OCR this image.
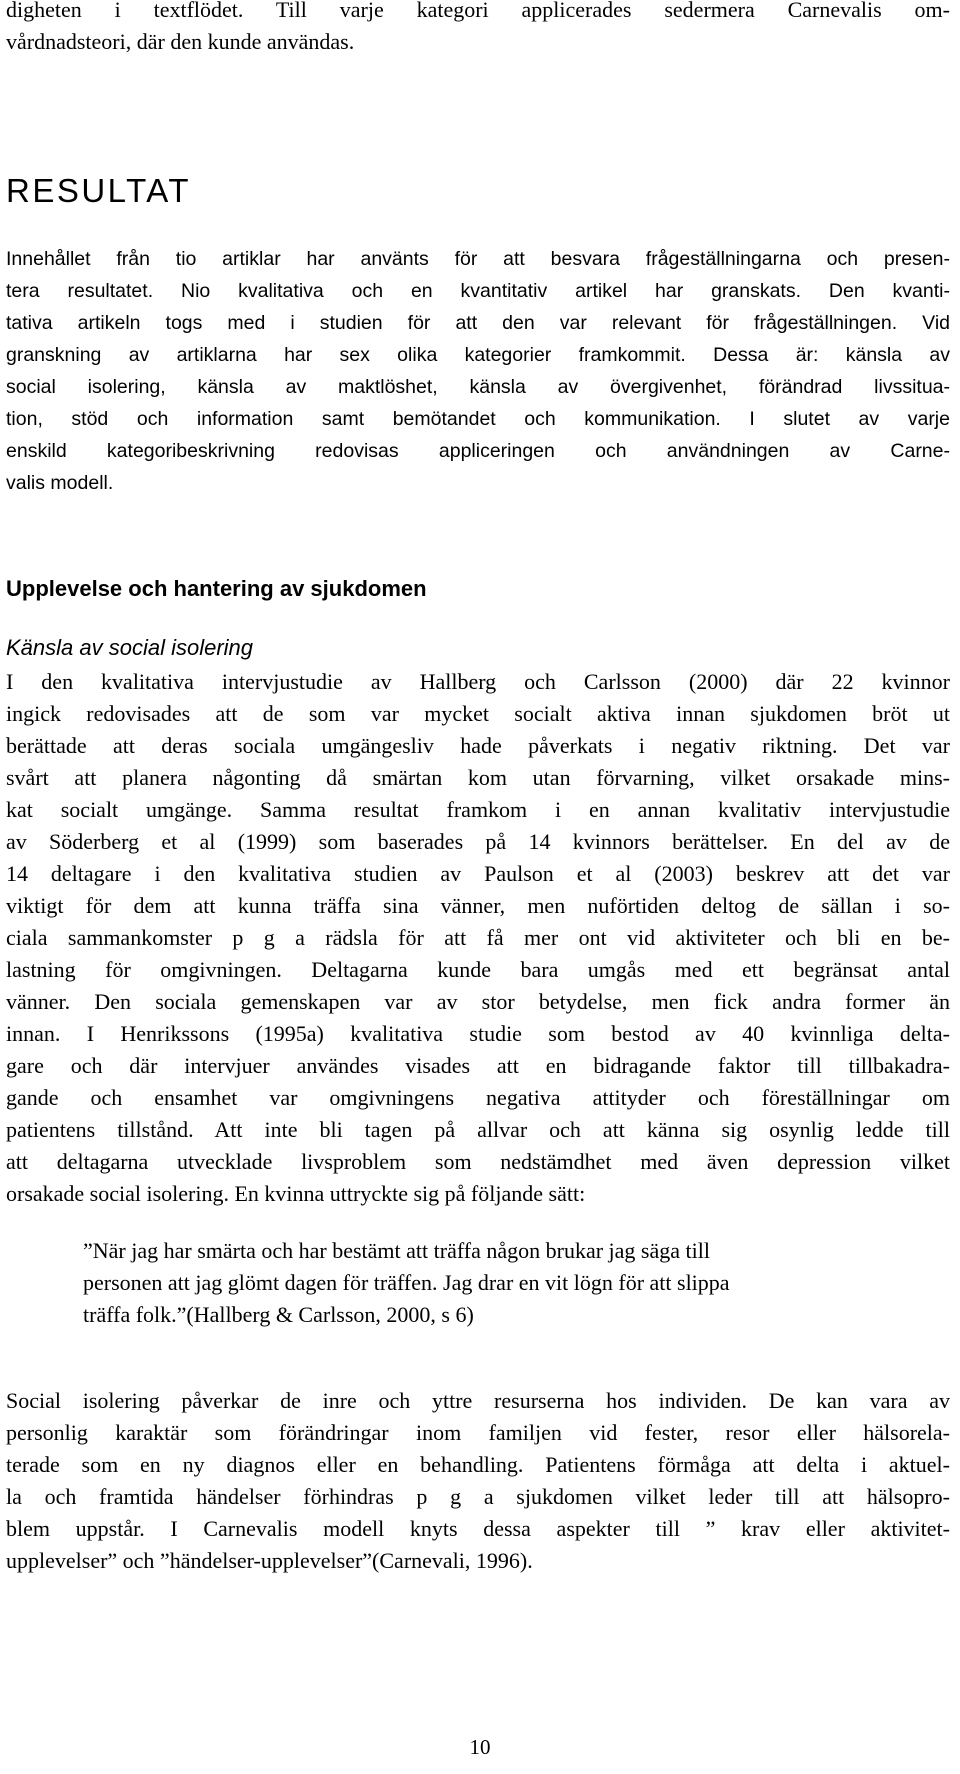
digheten i textflödet. Till varje kategori applicerades sedermera Carnevalis om-
vårdnadsteori, där den kunde användas.
RESULTAT
Innehållet från tio artiklar har använts för att besvara frågeställningarna och presen-
tera resultatet. Nio kvalitativa och en kvantitativ artikel har granskats. Den kvanti-
tativa artikeln togs med i studien för att den var relevant för frågeställningen. Vid
granskning av artiklarna har sex olika kategorier framkommit. Dessa är: känsla av
social isolering, känsla av maktlöshet, känsla av övergivenhet, förändrad livssitua-
tion, stöd och information samt bemötandet och kommunikation. I slutet av varje
enskild kategoribeskrivning redovisas appliceringen och användningen av Carne-
valis modell.
Upplevelse och hantering av sjukdomen
Känsla av social isolering
I den kvalitativa intervjustudie av Hallberg och Carlsson (2000) där 22 kvinnor
ingick redovisades att de som var mycket socialt aktiva innan sjukdomen bröt ut
berättade att deras sociala umgängesliv hade påverkats i negativ riktning. Det var
svårt att planera någonting då smärtan kom utan förvarning, vilket orsakade mins-
kat socialt umgänge. Samma resultat framkom i en annan kvalitativ intervjustudie
av Söderberg et al (1999) som baserades på 14 kvinnors berättelser. En del av de
14 deltagare i den kvalitativa studien av Paulson et al (2003) beskrev att det var
viktigt för dem att kunna träffa sina vänner, men nuförtiden deltog de sällan i so-
ciala sammankomster p g a rädsla för att få mer ont vid aktiviteter och bli en be-
lastning för omgivningen. Deltagarna kunde bara umgås med ett begränsat antal
vänner. Den sociala gemenskapen var av stor betydelse, men fick andra former än
innan. I Henrikssons (1995a) kvalitativa studie som bestod av 40 kvinnliga delta-
gare och där intervjuer användes visades att en bidragande faktor till tillbakadra-
gande och ensamhet var omgivningens negativa attityder och föreställningar om
patientens tillstånd. Att inte bli tagen på allvar och att känna sig osynlig ledde till
att deltagarna utvecklade livsproblem som nedstämdhet med även depression vilket
orsakade social isolering. En kvinna uttryckte sig på följande sätt:
”När jag har smärta och har bestämt att träffa någon brukar jag säga till
personen att jag glömt dagen för träffen. Jag drar en vit lögn för att slippa
träffa folk.”(Hallberg & Carlsson, 2000, s 6)
Social isolering påverkar de inre och yttre resurserna hos individen. De kan vara av
personlig karaktär som förändringar inom familjen vid fester, resor eller hälsorela-
terade som en ny diagnos eller en behandling. Patientens förmåga att delta i aktuel-
la och framtida händelser förhindras p g a sjukdomen vilket leder till att hälsopro-
blem uppstår. I Carnevalis modell knyts dessa aspekter till ” krav eller aktivitet-
upplevelser” och ”händelser-upplevelser”(Carnevali, 1996).
10
